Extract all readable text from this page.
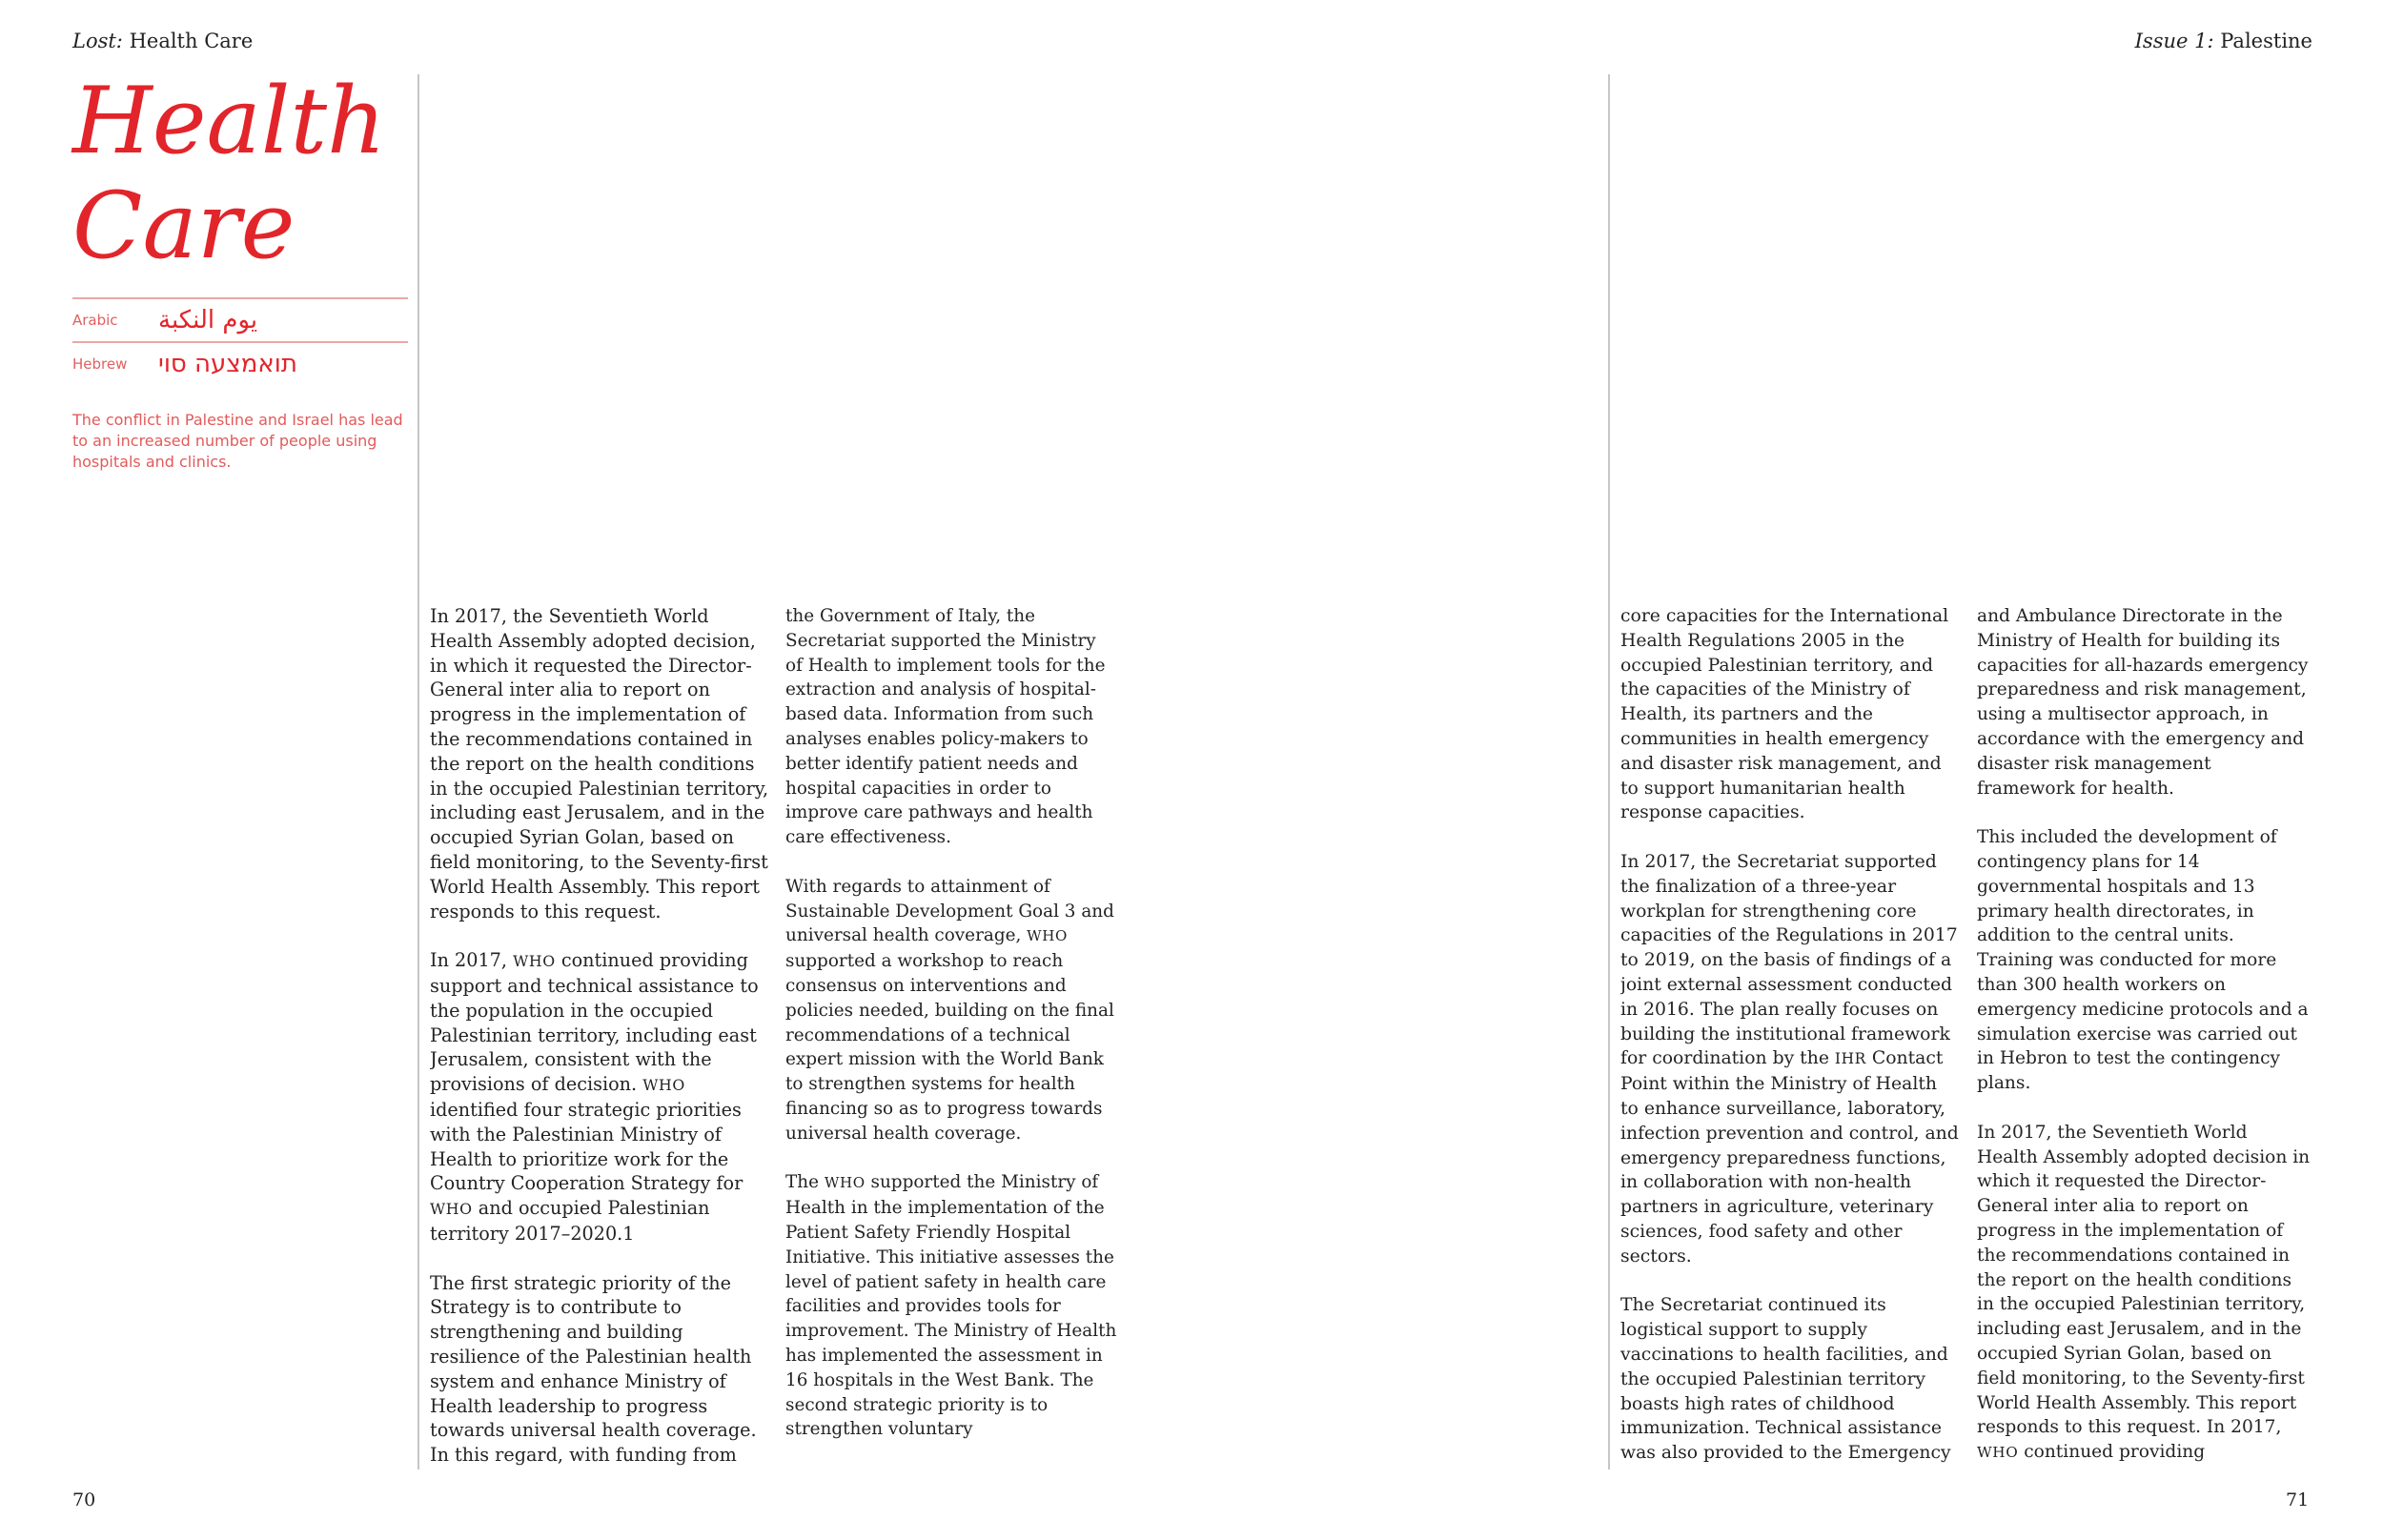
Lost: Health Care	Issue 1: Palestine
Health
Care
Arabic	ﻳﻮﻡ ﺍﻟﻨﻜﺒﺔ
Hebrew	תואמצעה סוי
The conflict in Palestine and Israel has lead to an increased number of people using hospitals and clinics.

In 2017, the Seventieth World Health Assembly adopted decision, in which it requested the Director-General inter alia to report on progress in the implementation of the recommendations contained in the report on the health conditions in the occupied Palestinian territory, including east Jerusalem, and in the occupied Syrian Golan, based on field monitoring, to the Seventy-first World Health Assembly. This report responds to this request.

In 2017, WHO continued providing support and technical assistance to the population in the occupied Palestinian territory, including east Jerusalem, consistent with the provisions of decision. WHO identified four strategic priorities with the Palestinian Ministry of Health to prioritize work for the Country Cooperation Strategy for WHO and occupied Palestinian territory 2017–2020.1

The first strategic priority of the Strategy is to contribute to strengthening and building resilience of the Palestinian health system and enhance Ministry of Health leadership to progress towards universal health coverage. In this regard, with funding from

the Government of Italy, the Secretariat supported the Ministry of Health to implement tools for the extraction and analysis of hospital-based data. Information from such analyses enables policy-makers to better identify patient needs and hospital capacities in order to improve care pathways and health care effectiveness.

With regards to attainment of Sustainable Development Goal 3 and universal health coverage, WHO supported a workshop to reach consensus on interventions and policies needed, building on the final recommendations of a technical expert mission with the World Bank to strengthen systems for health financing so as to progress towards universal health coverage.

The WHO supported the Ministry of Health in the implementation of the Patient Safety Friendly Hospital Initiative. This initiative assesses the level of patient safety in health care facilities and provides tools for improvement. The Ministry of Health has implemented the assessment in 16 hospitals in the West Bank. The second strategic priority is to strengthen voluntary

core capacities for the International Health Regulations 2005 in the occupied Palestinian territory, and the capacities of the Ministry of Health, its partners and the communities in health emergency and disaster risk management, and to support humanitarian health response capacities.

In 2017, the Secretariat supported the finalization of a three-year workplan for strengthening core capacities of the Regulations in 2017 to 2019, on the basis of findings of a joint external assessment conducted in 2016. The plan really focuses on building the institutional framework for coordination by the IHR Contact Point within the Ministry of Health to enhance surveillance, laboratory, infection prevention and control, and emergency preparedness functions, in collaboration with non-health partners in agriculture, veterinary sciences, food safety and other sectors.

The Secretariat continued its logistical support to supply vaccinations to health facilities, and the occupied Palestinian territory boasts high rates of childhood immunization. Technical assistance was also provided to the Emergency

and Ambulance Directorate in the Ministry of Health for building its capacities for all-hazards emergency preparedness and risk management, using a multisector approach, in accordance with the emergency and disaster risk management framework for health.

This included the development of contingency plans for 14 governmental hospitals and 13 primary health directorates, in addition to the central units. Training was conducted for more than 300 health workers on emergency medicine protocols and a simulation exercise was carried out in Hebron to test the contingency plans.

In 2017, the Seventieth World Health Assembly adopted decision in which it requested the Director-General inter alia to report on progress in the implementation of the recommendations contained in the report on the health conditions in the occupied Palestinian territory, including east Jerusalem, and in the occupied Syrian Golan, based on field monitoring, to the Seventy-first World Health Assembly. This report responds to this request. In 2017, WHO continued providing

70	71
